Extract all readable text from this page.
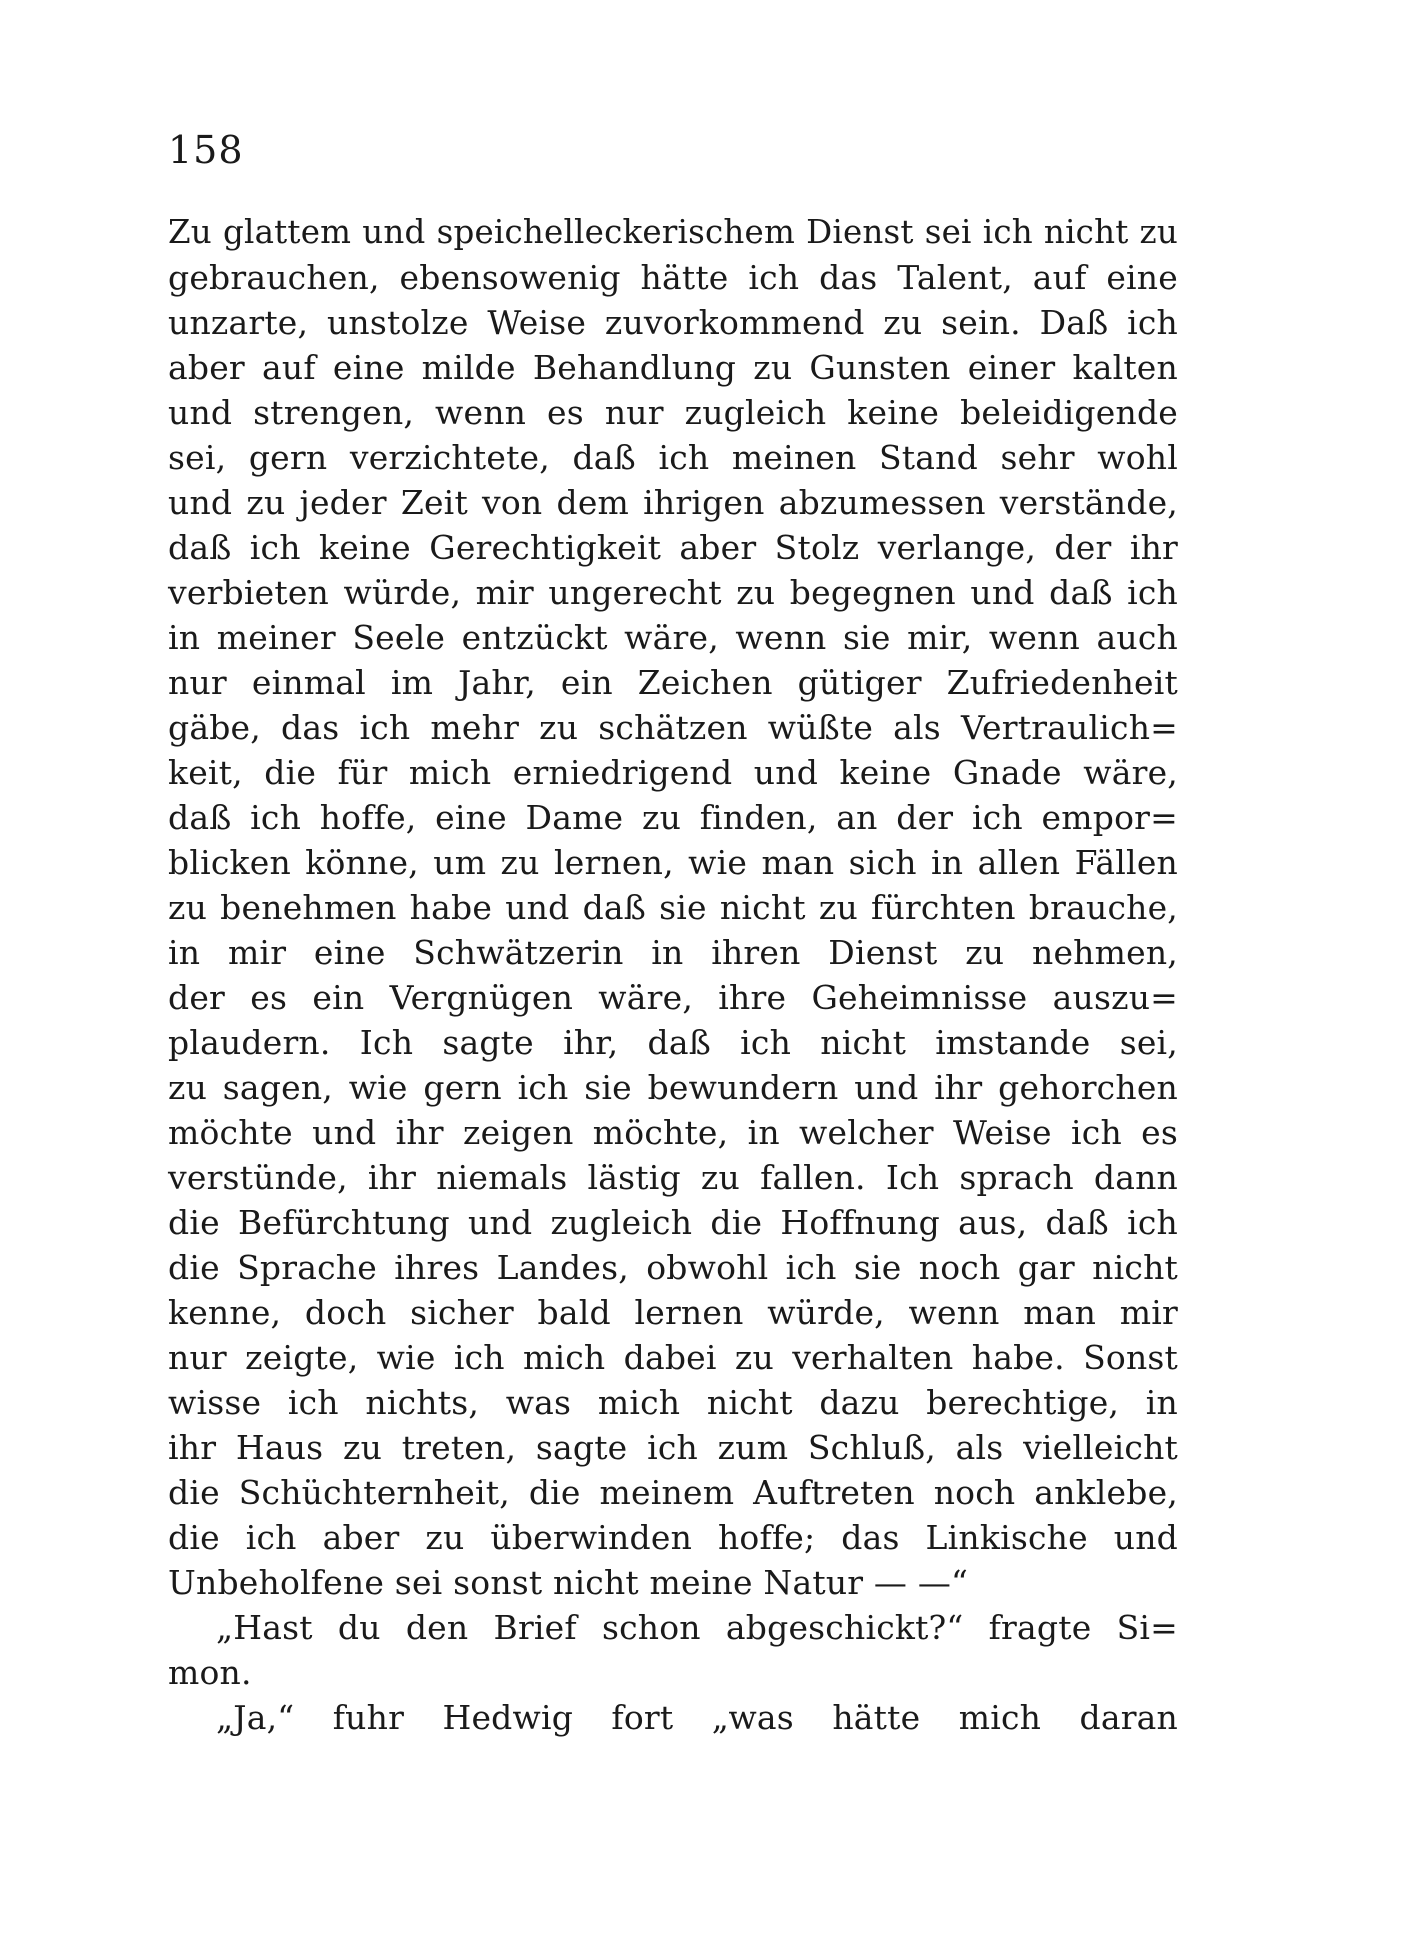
158
Zu glattem und speichelleckerischem Dienst sei ich nicht zu
gebrauchen, ebensowenig hätte ich das Talent, auf eine
unzarte, unstolze Weise zuvorkommend zu sein. Daß ich
aber auf eine milde Behandlung zu Gunsten einer kalten
und strengen, wenn es nur zugleich keine beleidigende
sei, gern verzichtete, daß ich meinen Stand sehr wohl
und zu jeder Zeit von dem ihrigen abzumessen verstände,
daß ich keine Gerechtigkeit aber Stolz verlange, der ihr
verbieten würde, mir ungerecht zu begegnen und daß ich
in meiner Seele entzückt wäre, wenn sie mir, wenn auch
nur einmal im Jahr, ein Zeichen gütiger Zufriedenheit
gäbe, das ich mehr zu schätzen wüßte als Vertraulich=
keit, die für mich erniedrigend und keine Gnade wäre,
daß ich hoffe, eine Dame zu finden, an der ich empor=
blicken könne, um zu lernen, wie man sich in allen Fällen
zu benehmen habe und daß sie nicht zu fürchten brauche,
in mir eine Schwätzerin in ihren Dienst zu nehmen,
der es ein Vergnügen wäre, ihre Geheimnisse auszu=
plaudern. Ich sagte ihr, daß ich nicht imstande sei,
zu sagen, wie gern ich sie bewundern und ihr gehorchen
möchte und ihr zeigen möchte, in welcher Weise ich es
verstünde, ihr niemals lästig zu fallen. Ich sprach dann
die Befürchtung und zugleich die Hoffnung aus, daß ich
die Sprache ihres Landes, obwohl ich sie noch gar nicht
kenne, doch sicher bald lernen würde, wenn man mir
nur zeigte, wie ich mich dabei zu verhalten habe. Sonst
wisse ich nichts, was mich nicht dazu berechtige, in
ihr Haus zu treten, sagte ich zum Schluß, als vielleicht
die Schüchternheit, die meinem Auftreten noch anklebe,
die ich aber zu überwinden hoffe; das Linkische und
Unbeholfene sei sonst nicht meine Natur — —“
„Hast du den Brief schon abgeschickt?“ fragte Si=
mon.
„Ja,“ fuhr Hedwig fort „was hätte mich daran
